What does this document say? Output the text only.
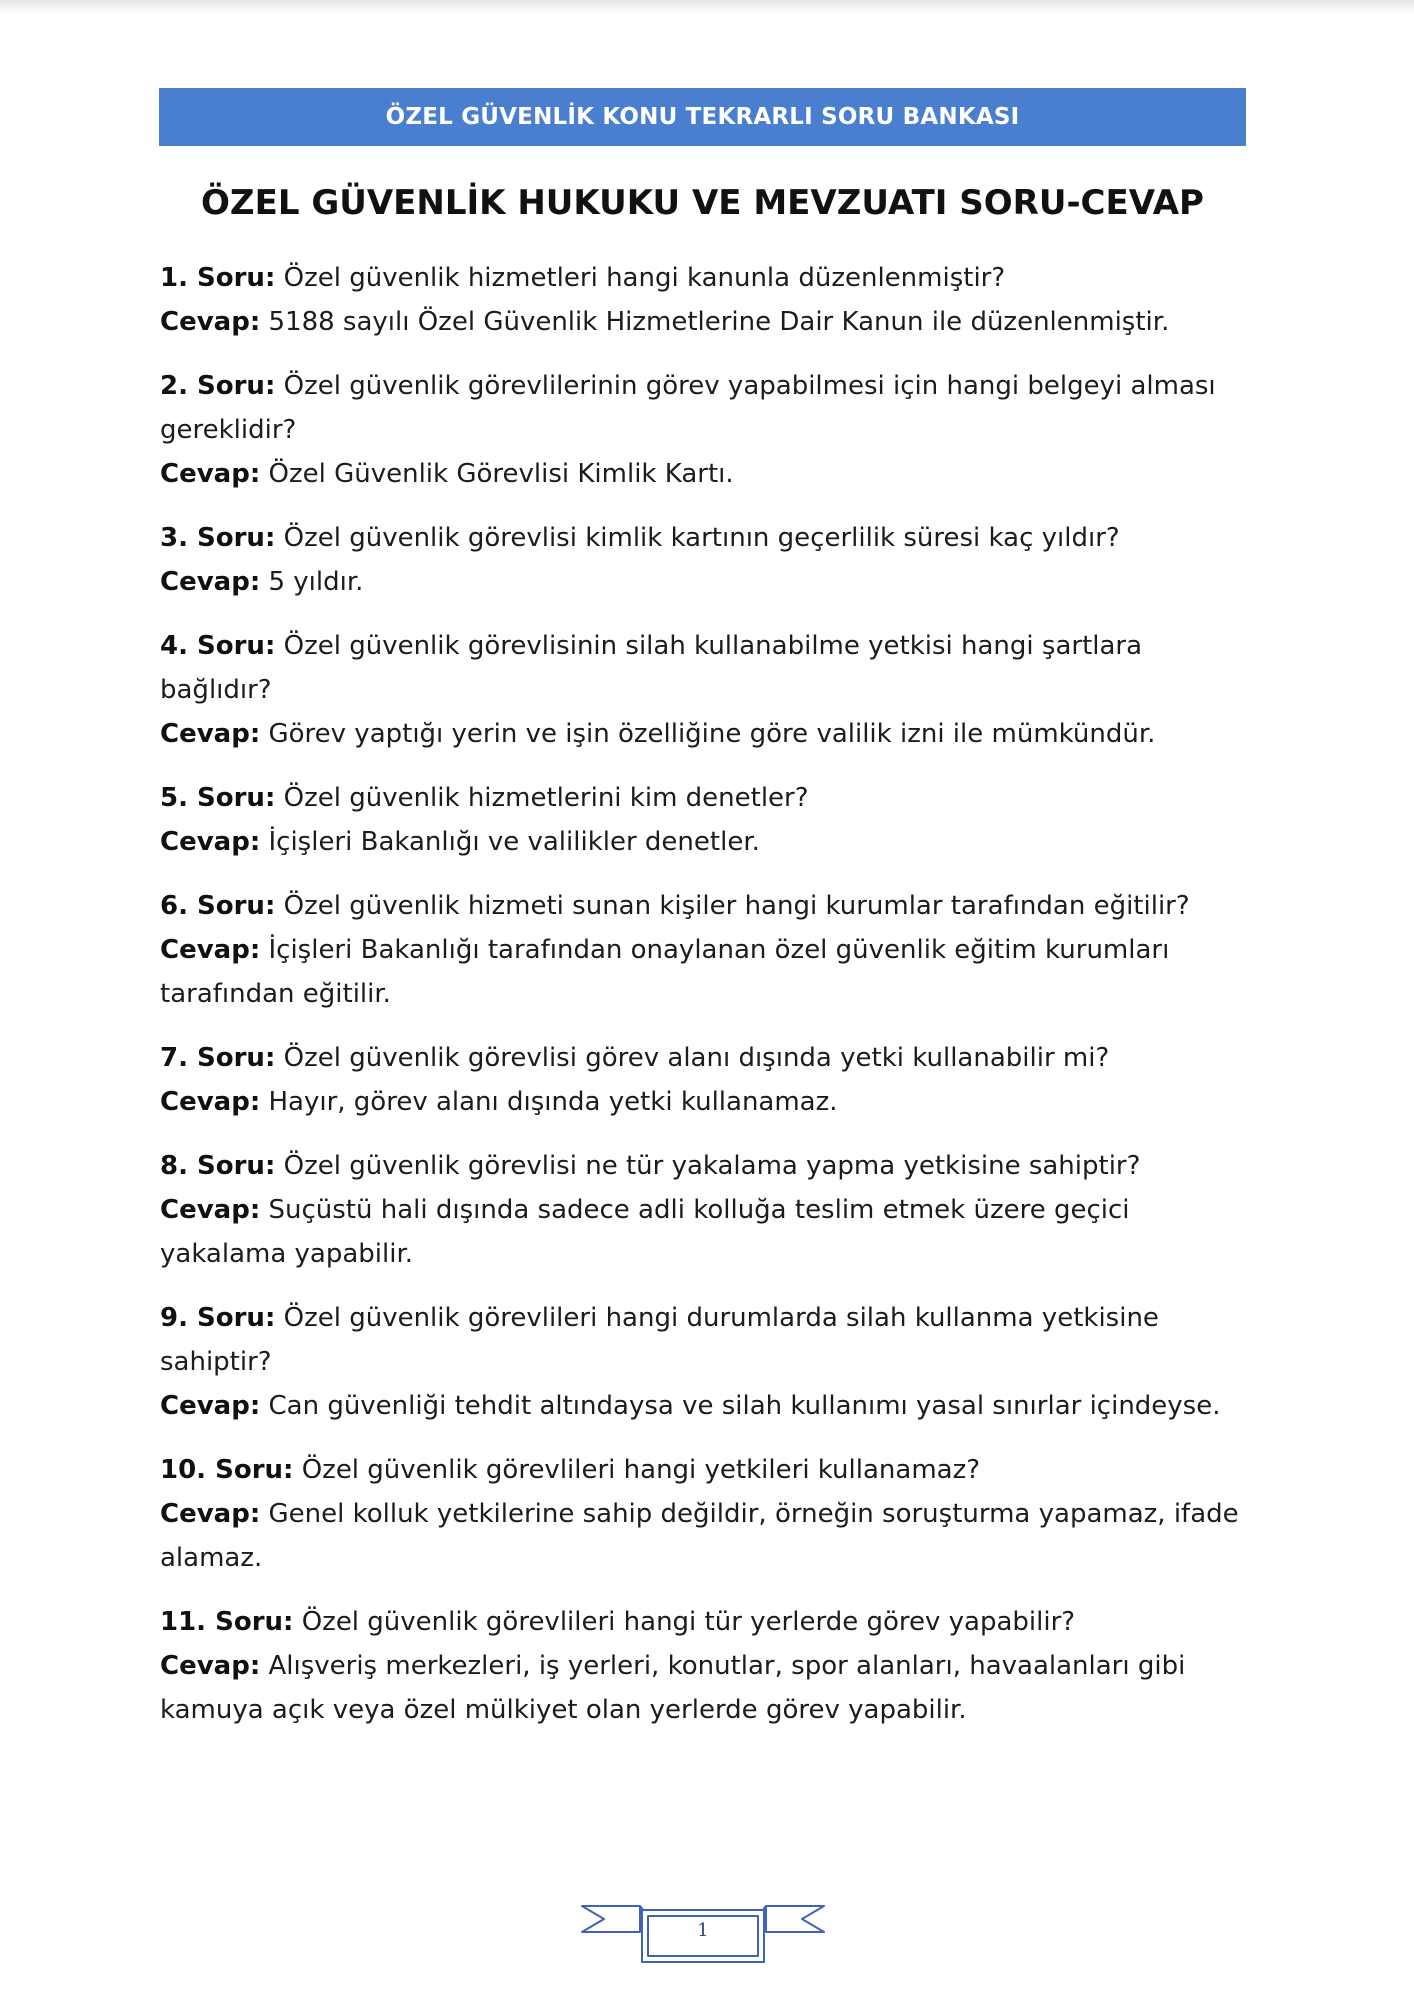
ÖZEL GÜVENLİK KONU TEKRARLI SORU BANKASI
ÖZEL GÜVENLİK HUKUKU VE MEVZUATI SORU-CEVAP

1. Soru: Özel güvenlik hizmetleri hangi kanunla düzenlenmiştir?

Cevap: 5188 sayılı Özel Güvenlik Hizmetlerine Dair Kanun ile düzenlenmiştir.

2. Soru: Özel güvenlik görevlilerinin görev yapabilmesi için hangi belgeyi alması gereklidir?

Cevap: Özel Güvenlik Görevlisi Kimlik Kartı.

3. Soru: Özel güvenlik görevlisi kimlik kartının geçerlilik süresi kaç yıldır?

Cevap: 5 yıldır.

4. Soru: Özel güvenlik görevlisinin silah kullanabilme yetkisi hangi şartlara bağlıdır?

Cevap: Görev yaptığı yerin ve işin özelliğine göre valilik izni ile mümkündür.

5. Soru: Özel güvenlik hizmetlerini kim denetler?

Cevap: İçişleri Bakanlığı ve valilikler denetler.

6. Soru: Özel güvenlik hizmeti sunan kişiler hangi kurumlar tarafından eğitilir?

Cevap: İçişleri Bakanlığı tarafından onaylanan özel güvenlik eğitim kurumları tarafından eğitilir.

7. Soru: Özel güvenlik görevlisi görev alanı dışında yetki kullanabilir mi?

Cevap: Hayır, görev alanı dışında yetki kullanamaz.

8. Soru: Özel güvenlik görevlisi ne tür yakalama yapma yetkisine sahiptir?

Cevap: Suçüstü hali dışında sadece adli kolluğa teslim etmek üzere geçici yakalama yapabilir.

9. Soru: Özel güvenlik görevlileri hangi durumlarda silah kullanma yetkisine sahiptir?

Cevap: Can güvenliği tehdit altındaysa ve silah kullanımı yasal sınırlar içindeyse.

10. Soru: Özel güvenlik görevlileri hangi yetkileri kullanamaz?

Cevap: Genel kolluk yetkilerine sahip değildir, örneğin soruşturma yapamaz, ifade alamaz.

11. Soru: Özel güvenlik görevlileri hangi tür yerlerde görev yapabilir?

Cevap: Alışveriş merkezleri, iş yerleri, konutlar, spor alanları, havaalanları gibi kamuya açık veya özel mülkiyet olan yerlerde görev yapabilir.

1
